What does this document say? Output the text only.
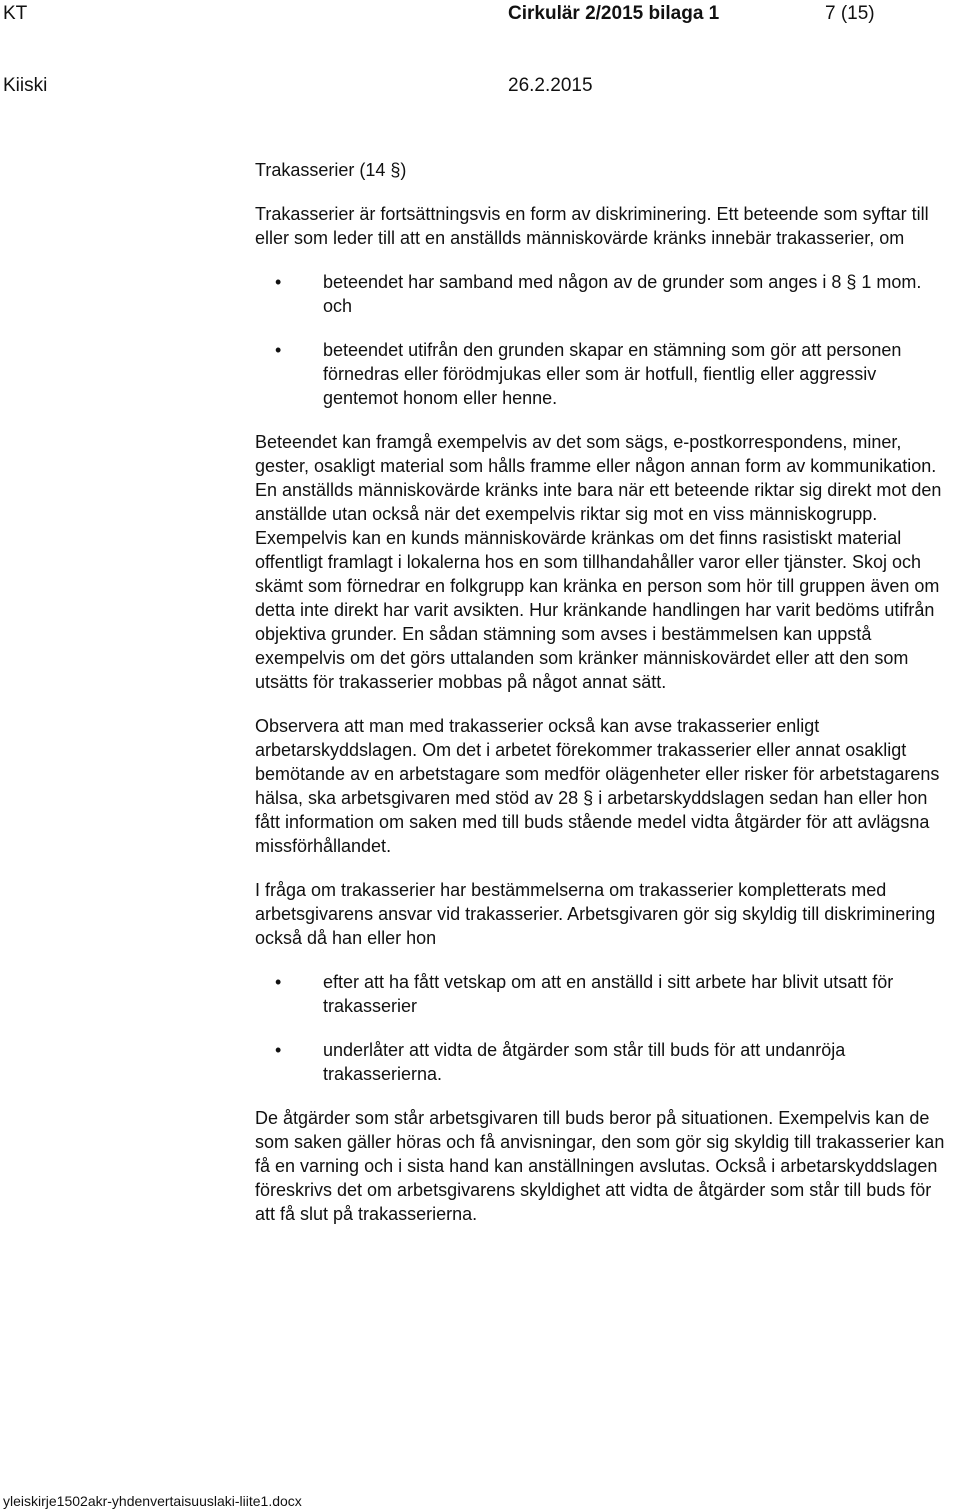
KT	Cirkulär 2/2015 bilaga 1	7 (15)
Kiiski	26.2.2015

Trakasserier (14 §)

Trakasserier är fortsättningsvis en form av diskriminering. Ett beteende som syftar till eller som leder till att en anställds människovärde kränks innebär trakasserier, om

• beteendet har samband med någon av de grunder som anges i 8 § 1 mom. och
• beteendet utifrån den grunden skapar en stämning som gör att personen förnedras eller förödmjukas eller som är hotfull, fientlig eller aggressiv gentemot honom eller henne.

Beteendet kan framgå exempelvis av det som sägs, e-postkorrespondens, miner, gester, osakligt material som hålls framme eller någon annan form av kommunikation. En anställds människovärde kränks inte bara när ett beteende riktar sig direkt mot den anställde utan också när det exempelvis riktar sig mot en viss människogrupp. Exempelvis kan en kunds människovärde kränkas om det finns rasistiskt material offentligt framlagt i lokalerna hos en som tillhandahåller varor eller tjänster. Skoj och skämt som förnedrar en folkgrupp kan kränka en person som hör till gruppen även om detta inte direkt har varit avsikten. Hur kränkande handlingen har varit bedöms utifrån objektiva grunder. En sådan stämning som avses i bestämmelsen kan uppstå exempelvis om det görs uttalanden som kränker människovärdet eller att den som utsätts för trakasserier mobbas på något annat sätt.

Observera att man med trakasserier också kan avse trakasserier enligt arbetarskyddslagen. Om det i arbetet förekommer trakasserier eller annat osakligt bemötande av en arbetstagare som medför olägenheter eller risker för arbetstagarens hälsa, ska arbetsgivaren med stöd av 28 § i arbetarskyddslagen sedan han eller hon fått information om saken med till buds stående medel vidta åtgärder för att avlägsna missförhållandet.

I fråga om trakasserier har bestämmelserna om trakasserier kompletterats med arbetsgivarens ansvar vid trakasserier. Arbetsgivaren gör sig skyldig till diskriminering också då han eller hon

• efter att ha fått vetskap om att en anställd i sitt arbete har blivit utsatt för trakasserier
• underlåter att vidta de åtgärder som står till buds för att undanröja trakasserierna.

De åtgärder som står arbetsgivaren till buds beror på situationen. Exempelvis kan de som saken gäller höras och få anvisningar, den som gör sig skyldig till trakasserier kan få en varning och i sista hand kan anställningen avslutas. Också i arbetarskyddslagen föreskrivs det om arbetsgivarens skyldighet att vidta de åtgärder som står till buds för att få slut på trakasserierna.

yleiskirje1502akr-yhdenvertaisuuslaki-liite1.docx
